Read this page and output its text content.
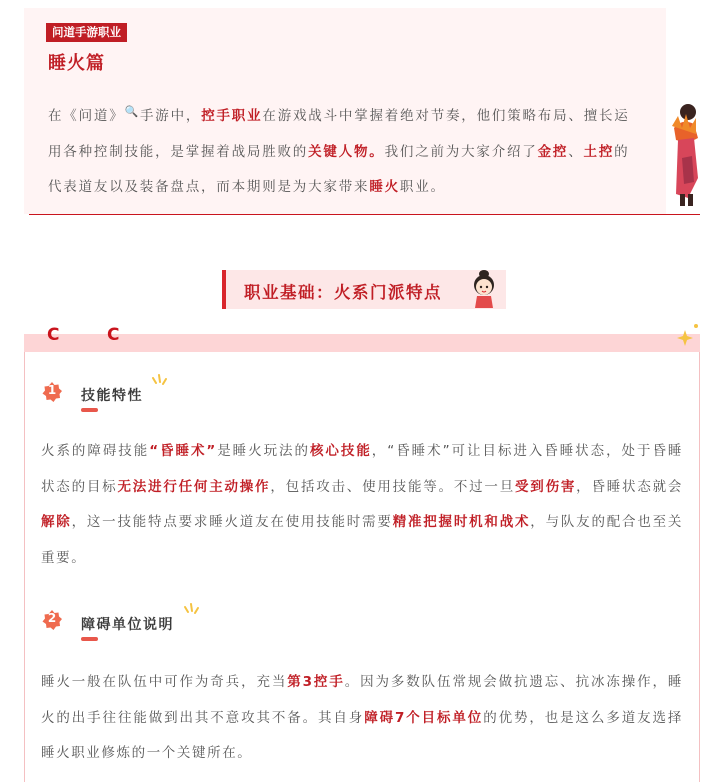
问道手游职业
睡火篇
在《问道》🔍手游中，控手职业在游戏战斗中掌握着绝对节奏，他们策略布局、擅长运用各种控制技能，是掌握着战局胜败的关键人物。我们之前为大家介绍了金控、土控的代表道友以及装备盘点，而本期则是为大家带来睡火职业。
职业基础：火系门派特点
C	C
1	技能特性
火系的障碍技能“昏睡术”是睡火玩法的核心技能，“昏睡术”可让目标进入昏睡状态，处于昏睡状态的目标无法进行任何主动操作，包括攻击、使用技能等。不过一旦受到伤害，昏睡状态就会解除，这一技能特点要求睡火道友在使用技能时需要精准把握时机和战术，与队友的配合也至关重要。
2	障碍单位说明
睡火一般在队伍中可作为奇兵，充当第3控手。因为多数队伍常规会做抗遗忘、抗冰冻操作，睡火的出手往往能做到出其不意攻其不备。其自身障碍7个目标单位的优势，也是这么多道友选择睡火职业修炼的一个关键所在。
